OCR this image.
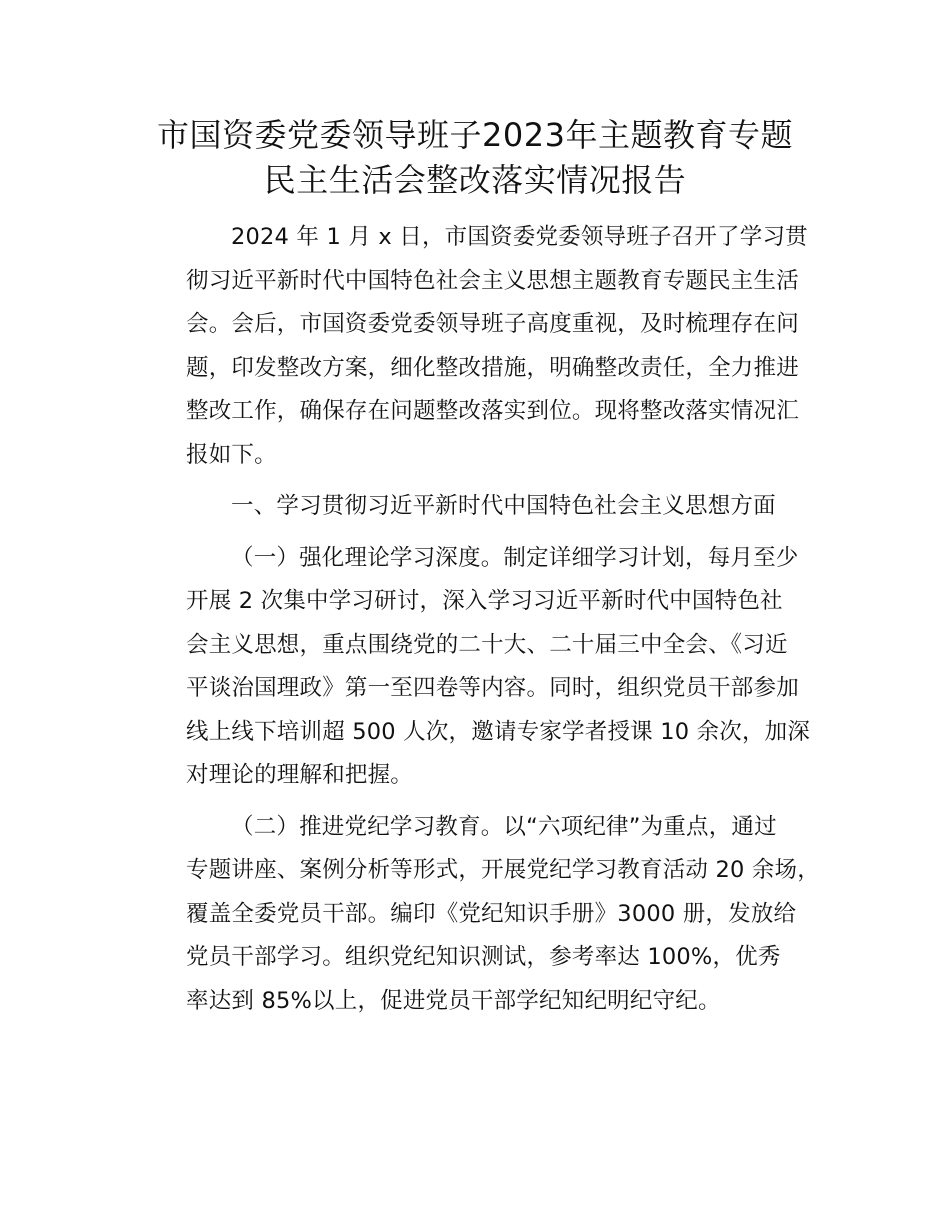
市国资委党委领导班子2023年主题教育专题
民主生活会整改落实情况报告
2024 年 1 月 x 日，市国资委党委领导班子召开了学习贯
彻习近平新时代中国特色社会主义思想主题教育专题民主生活
会。会后，市国资委党委领导班子高度重视，及时梳理存在问
题，印发整改方案，细化整改措施，明确整改责任，全力推进
整改工作，确保存在问题整改落实到位。现将整改落实情况汇
报如下。
一、学习贯彻习近平新时代中国特色社会主义思想方面
（一）强化理论学习深度。制定详细学习计划，每月至少
开展 2 次集中学习研讨，深入学习习近平新时代中国特色社
会主义思想，重点围绕党的二十大、二十届三中全会、《习近
平谈治国理政》第一至四卷等内容。同时，组织党员干部参加
线上线下培训超 500 人次，邀请专家学者授课 10 余次，加深
对理论的理解和把握。
（二）推进党纪学习教育。以“六项纪律”为重点，通过
专题讲座、案例分析等形式，开展党纪学习教育活动 20 余场，
覆盖全委党员干部。编印《党纪知识手册》3000 册，发放给
党员干部学习。组织党纪知识测试，参考率达 100%，优秀
率达到 85%以上，促进党员干部学纪知纪明纪守纪。
